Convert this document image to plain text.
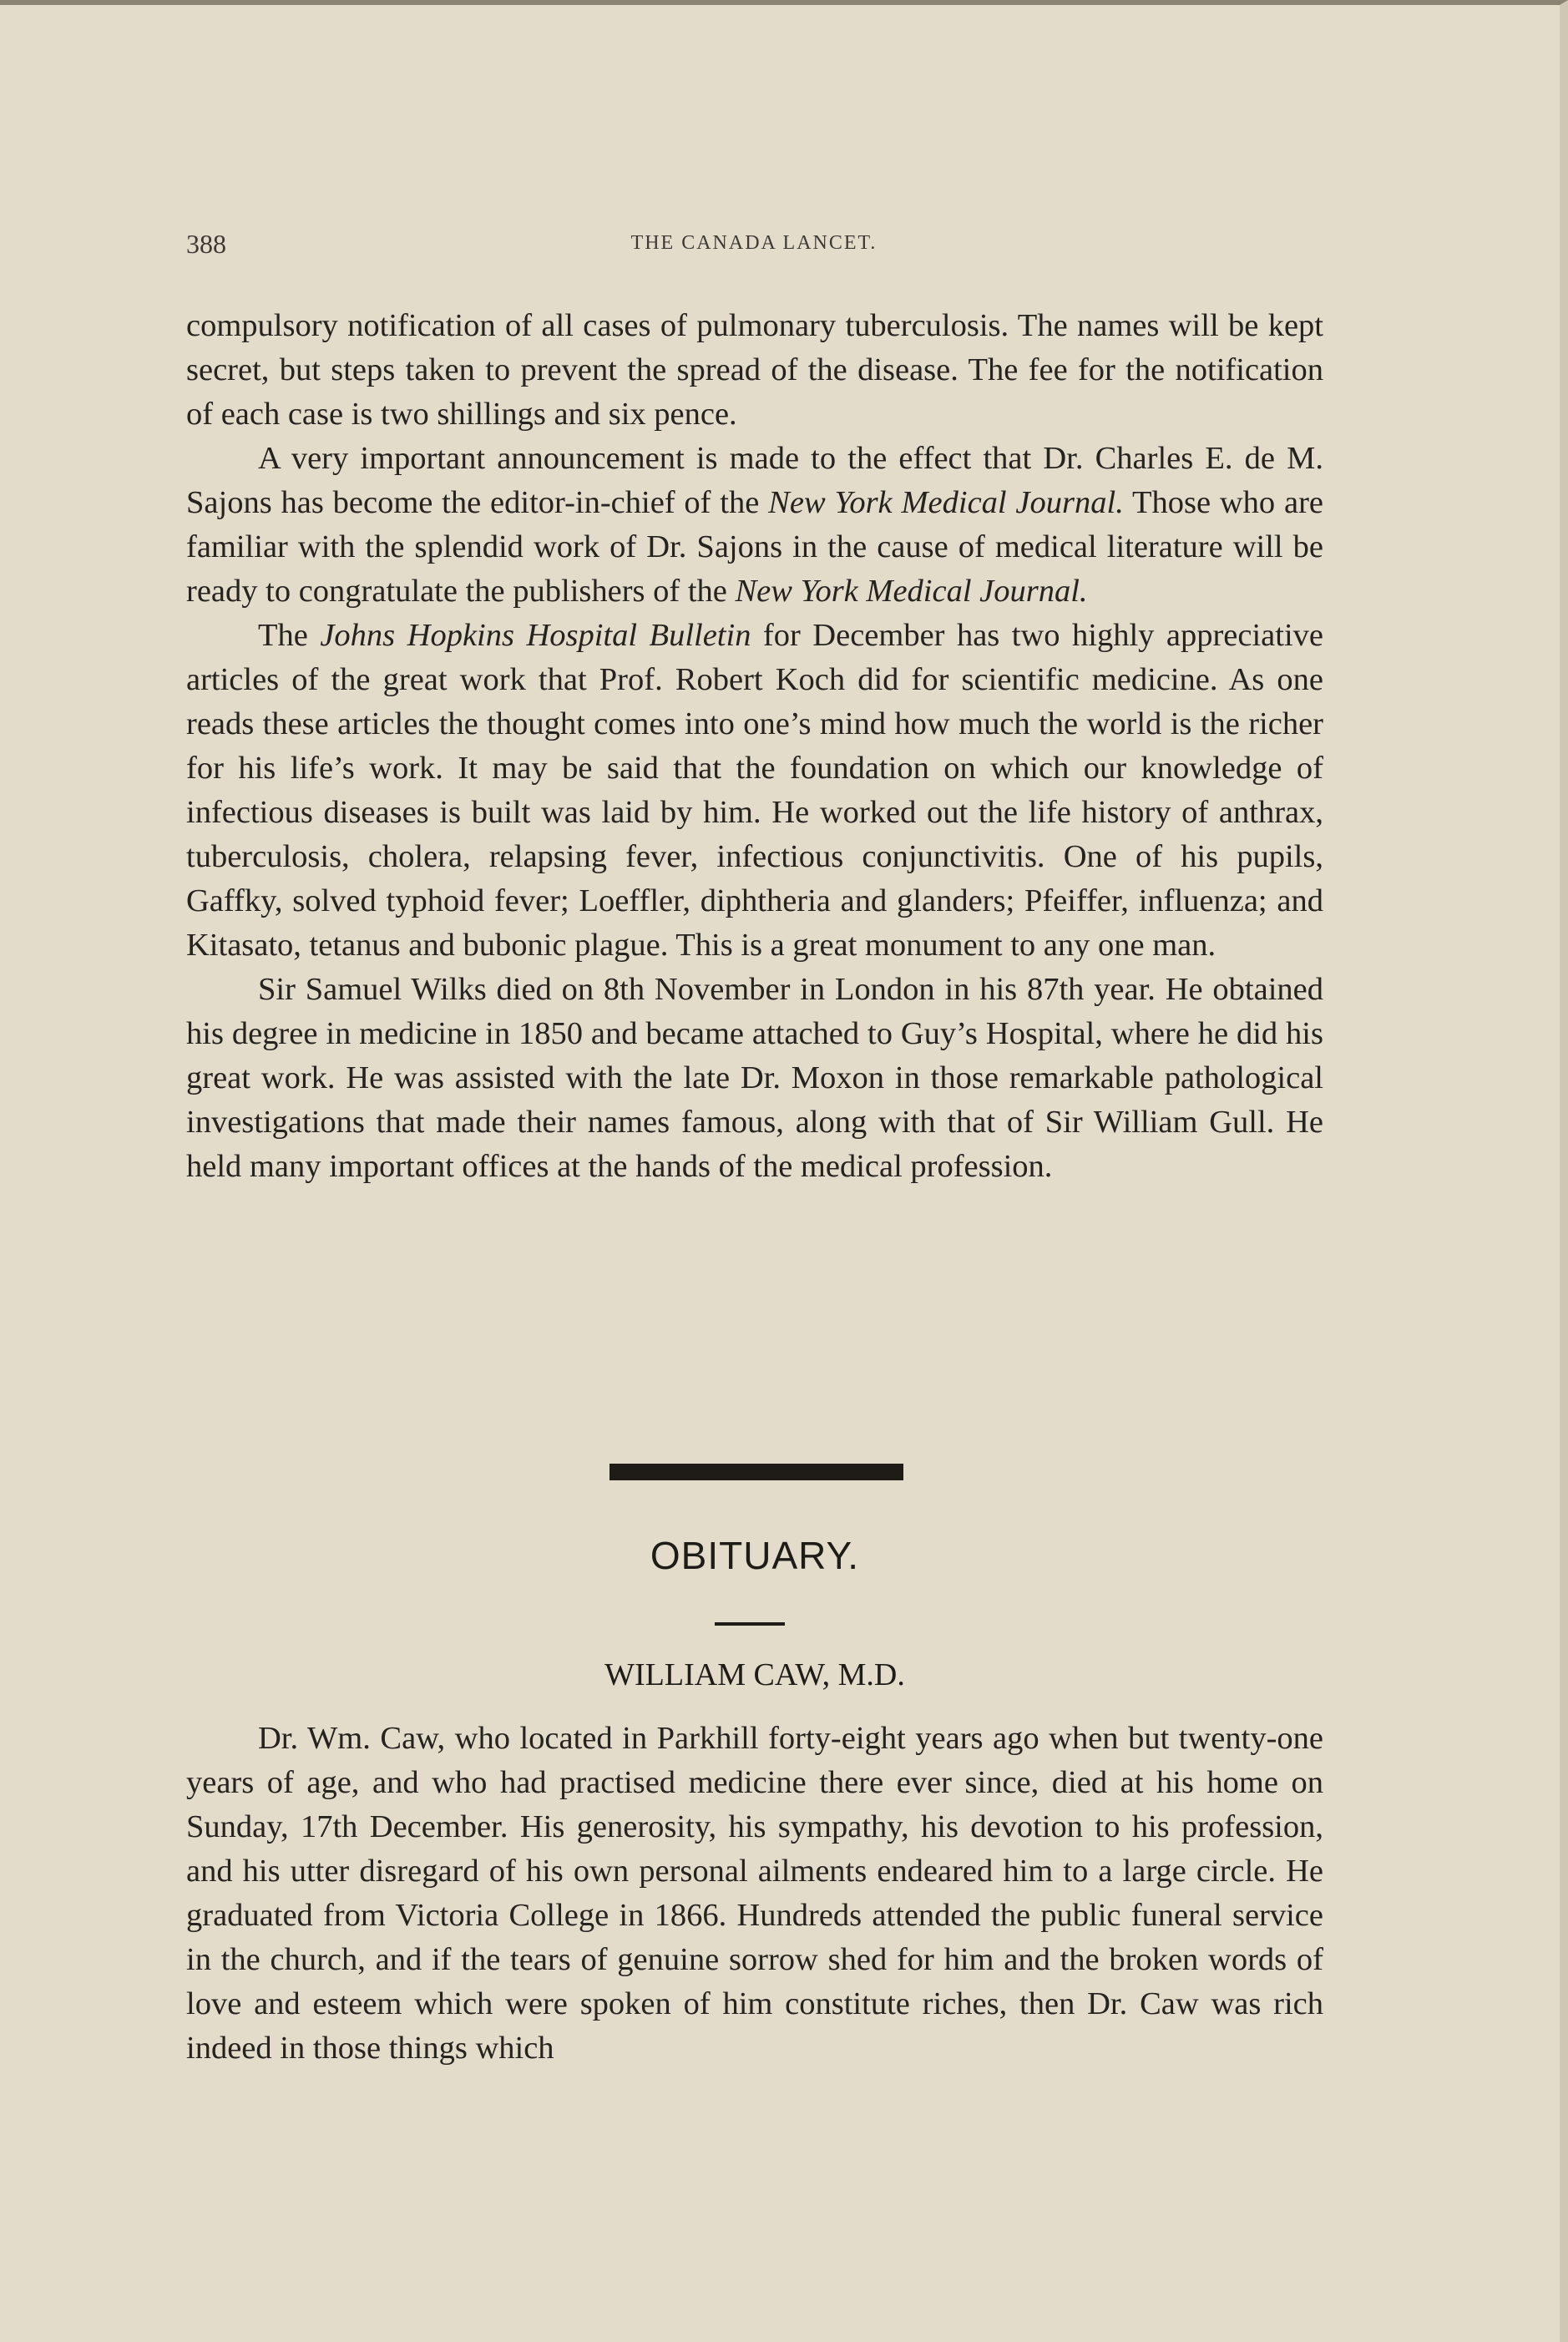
388	THE CANADA LANCET.

compulsory notification of all cases of pulmonary tuberculosis. The names will be kept secret, but steps taken to prevent the spread of the disease. The fee for the notification of each case is two shillings and six pence.

A very important announcement is made to the effect that Dr. Charles E. de M. Sajons has become the editor-in-chief of the New York Medical Journal. Those who are familiar with the splendid work of Dr. Sajons in the cause of medical literature will be ready to congratulate the publishers of the New York Medical Journal.

The Johns Hopkins Hospital Bulletin for December has two highly appreciative articles of the great work that Prof. Robert Koch did for scientific medicine. As one reads these articles the thought comes into one’s mind how much the world is the richer for his life’s work. It may be said that the foundation on which our knowledge of infectious diseases is built was laid by him. He worked out the life history of anthrax, tuberculosis, cholera, relapsing fever, infectious conjunctivitis. One of his pupils, Gaffky, solved typhoid fever; Loeffler, diphtheria and glanders; Pfeiffer, influenza; and Kitasato, tetanus and bubonic plague. This is a great monument to any one man.

Sir Samuel Wilks died on 8th November in London in his 87th year. He obtained his degree in medicine in 1850 and became attached to Guy’s Hospital, where he did his great work. He was assisted with the late Dr. Moxon in those remarkable pathological investigations that made their names famous, along with that of Sir William Gull. He held many important offices at the hands of the medical profession.

OBITUARY.
WILLIAM CAW, M.D.

Dr. Wm. Caw, who located in Parkhill forty-eight years ago when but twenty-one years of age, and who had practised medicine there ever since, died at his home on Sunday, 17th December. His generosity, his sympathy, his devotion to his profession, and his utter disregard of his own personal ailments endeared him to a large circle. He graduated from Victoria College in 1866. Hundreds attended the public funeral service in the church, and if the tears of genuine sorrow shed for him and the broken words of love and esteem which were spoken of him constitute riches, then Dr. Caw was rich indeed in those things which
